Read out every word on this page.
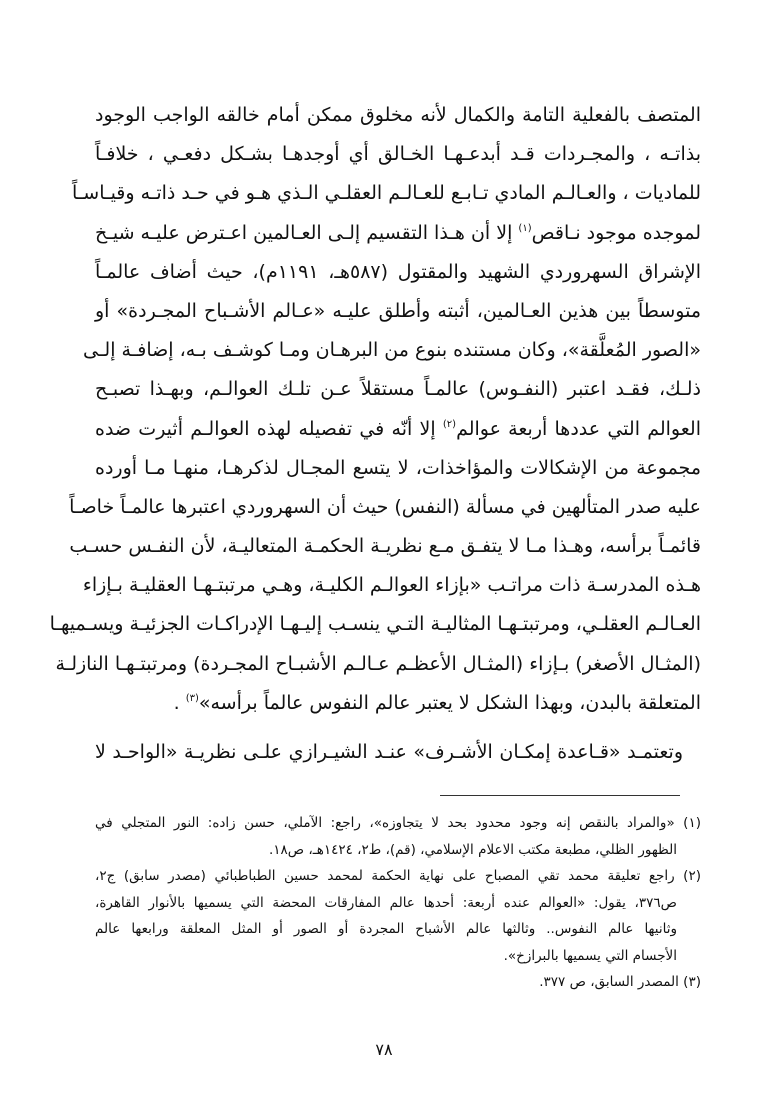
المتصف بالفعلية التامة والكمال لأنه مخلوق ممكن أمام خالقه الواجب الوجود
بذاتـه ، والمجـردات قـد أبدعـهـا الخـالق أي أوجدهـا بشـكل دفعـي ، خلافـاً
للماديات ، والعـالـم المادي تـابـع للعـالـم العقلـي الـذي هـو في حـد ذاتـه وقيـاسـاً
لموجده موجود نـاقص$^{(١)}$ إلا أن هـذا التقسيم إلـى العـالمين اعـترض عليـه شيـخ
الإشراق السهروردي الشهيد والمقتول (٥٨٧هـ، ١١٩١م)، حيث أضاف عالمـاً
متوسطاً بين هذين العـالمين، أثبته وأطلق عليـه «عـالم الأشـباح المجـردة» أو
«الصور المُعلَّقة»، وكان مستنده بنوع من البرهـان ومـا كوشـف بـه، إضافـة إلـى
ذلـك، فقـد اعتبر (النفـوس) عالمـاً مستقلاً عـن تلـك العوالـم، وبهـذا تصبـح
العوالم التي عددها أربعة عوالم$^{(٢)}$ إلا أنّه في تفصيله لهذه العوالـم أثيرت ضده
مجموعة من الإشكالات والمؤاخذات، لا يتسع المجـال لذكرهـا، منهـا مـا أورده
عليه صدر المتألهين في مسألة (النفس) حيث أن السهروردي اعتبرها عالمـاً خاصـاً
قائمـاً برأسه، وهـذا مـا لا يتفـق مـع نظريـة الحكمـة المتعاليـة، لأن النفـس حسـب
هـذه المدرسـة ذات مراتـب «بإزاء العوالـم الكليـة، وهـي مرتبتـهـا العقليـة بـإزاء
العـالـم العقلـي، ومرتبتـهـا المثاليـة التـي ينسـب إليـهـا الإدراكـات الجزئيـة ويسـميهـا
(المثـال الأصغر) بـإزاء (المثـال الأعظـم عـالـم الأشبـاح المجـردة) ومرتبتـهـا النازلـة
المتعلقة بالبدن، وبهذا الشكل لا يعتبر عالم النفوس عالماً برأسه»$^{(٣)}$ .
وتعتمـد «قـاعدة إمكـان الأشـرف» عنـد الشيـرازي علـى نظريـة «الواحـد لا
(١) «والمراد بالنقص إنه وجود محدود بحد لا يتجاوزه»، راجع: الآملي، حسن زاده: النور المتجلي في
الظهور الظلي، مطبعة مكتب الاعلام الإسلامي، (قم)، ط٢، ١٤٢٤هـ، ص١٨.
(٢) راجع تعليقة محمد تقي المصباح على نهاية الحكمة لمحمد حسين الطباطبائي (مصدر سابق) ج٢،
ص٣٧٦، يقول: «العوالم عنده أربعة: أحدها عالم المفارقات المحضة التي يسميها بالأنوار القاهرة،
وثانيها عالم النفوس.. وثالثها عالم الأشباح المجردة أو الصور أو المثل المعلقة ورابعها عالم
الأجسام التي يسميها بالبرازخ».
(٣) المصدر السابق، ص ٣٧٧.
٧٨
